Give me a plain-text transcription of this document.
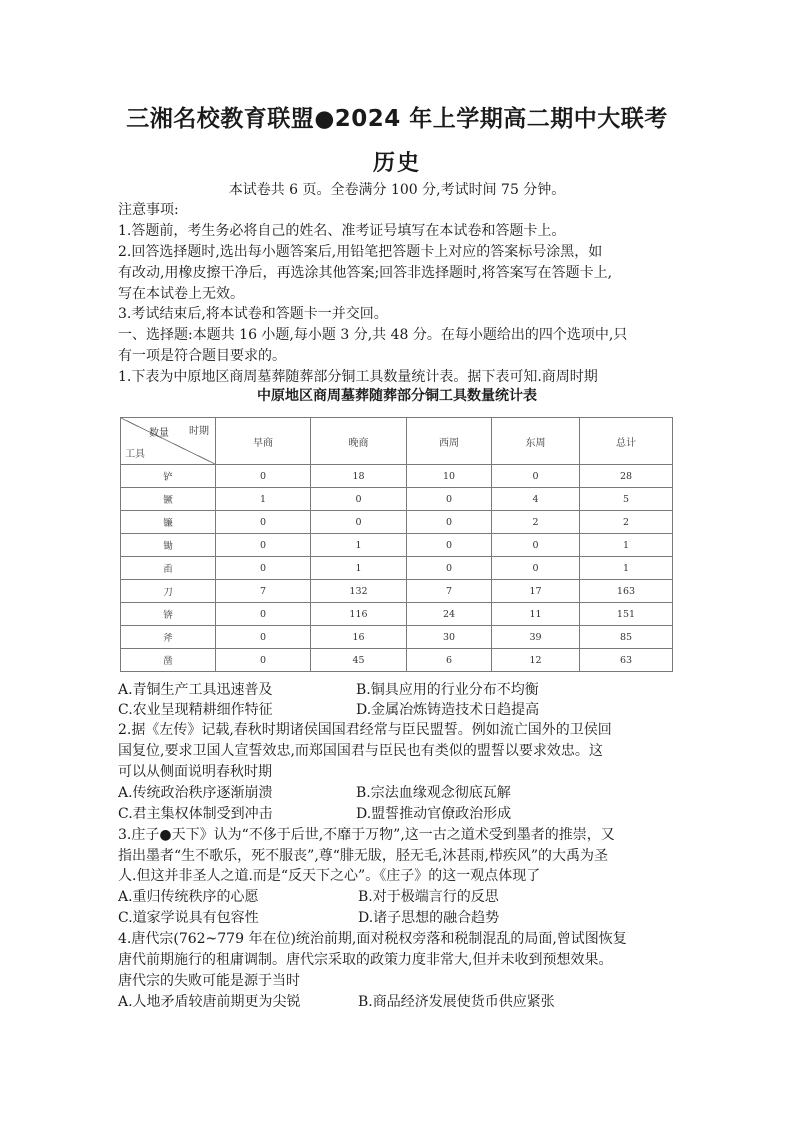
三湘名校教育联盟●2024 年上学期高二期中大联考
历史
本试卷共 6 页。全卷满分 100 分,考试时间 75 分钟。
注意事项:
1.答题前，考生务必将自己的姓名、准考证号填写在本试卷和答题卡上。
2.回答选择题时,选出每小题答案后,用铅笔把答题卡上对应的答案标号涂黑，如
有改动,用橡皮擦干净后，再选涂其他答案;回答非选择题时,将答案写在答题卡上,
写在本试卷上无效。
3.考试结束后,将本试卷和答题卡一并交回。
一、选择题:本题共 16 小题,每小题 3 分,共 48 分。在每小题给出的四个选项中,只
有一项是符合题目要求的。
1.下表为中原地区商周墓葬随葬部分铜工具数量统计表。据下表可知.商周时期
中原地区商周墓葬随葬部分铜工具数量统计表
数量 时期
工具	早商	晚商	西周	东周	总计
铲	0	18	10	0	28
镢	1	0	0	4	5
镰	0	0	0	2	2
锄	0	1	0	0	1
臿	0	1	0	0	1
刀	7	132	7	17	163
锛	0	116	24	11	151
斧	0	16	30	39	85
凿	0	45	6	12	63
A.青铜生产工具迅速普及	B.铜具应用的行业分布不均衡
C.农业呈现精耕细作特征	D.金属冶炼铸造技术日趋提高
2.据《左传》记载,春秋时期诸侯国国君经常与臣民盟誓。例如流亡国外的卫侯回
国复位,要求卫国人宣誓效忠,而郑国国君与臣民也有类似的盟誓以要求效忠。这
可以从侧面说明春秋时期
A.传统政治秩序逐渐崩溃	B.宗法血缘观念彻底瓦解
C.君主集权体制受到冲击	D.盟誓推动官僚政治形成
3.庄子●天下》认为“不侈于后世,不靡于万物”,这一古之道术受到墨者的推崇，又
指出墨者“生不歌乐，死不服丧”,尊“腓无胈，胫无毛,沐甚雨,栉疾风”的大禹为圣
人.但这并非圣人之道.而是“反天下之心”。《庄子》的这一观点体现了
A.重归传统秩序的心愿	B.对于极端言行的反思
C.道家学说具有包容性	D.诸子思想的融合趋势
4.唐代宗(762~779 年在位)统治前期,面对税权旁落和税制混乱的局面,曾试图恢复
唐代前期施行的租庸调制。唐代宗采取的政策力度非常大,但并未收到预想效果。
唐代宗的失败可能是源于当时
A.人地矛盾较唐前期更为尖锐	B.商品经济发展使货币供应紧张
